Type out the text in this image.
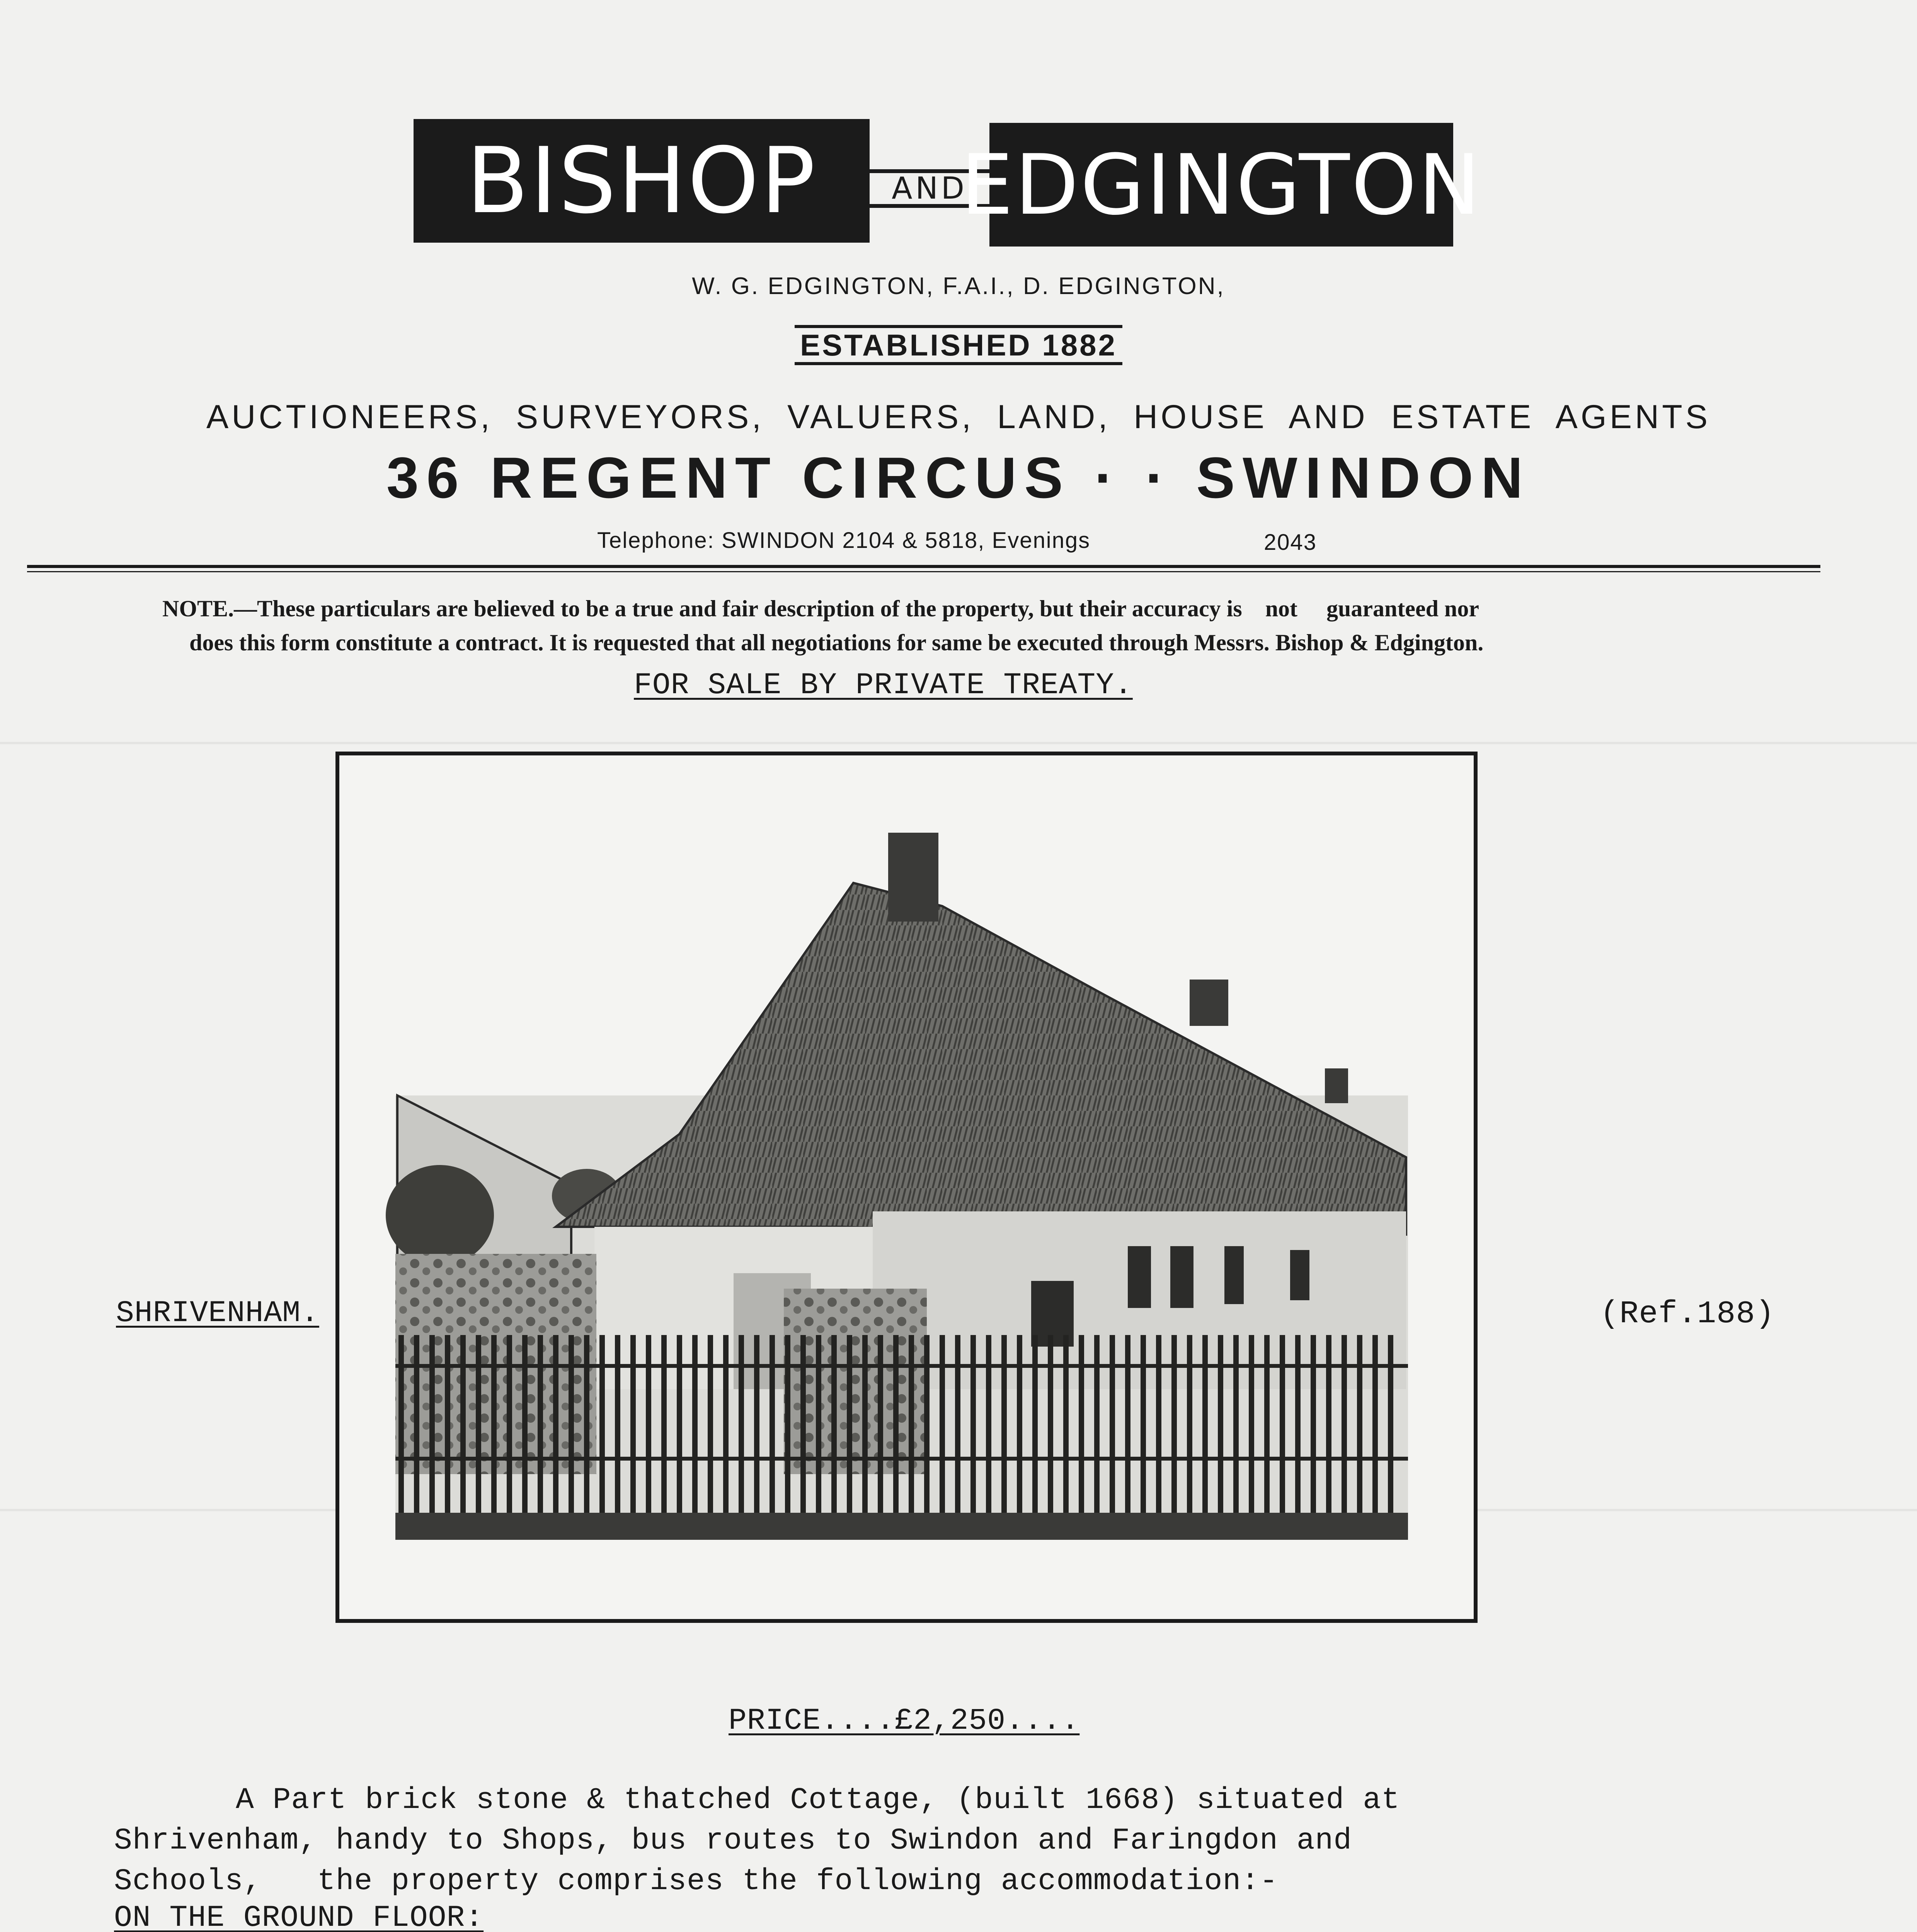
BISHOP AND
EDGINGTON
W. G. EDGINGTON, F.A.I., D. EDGINGTON,
ESTABLISHED 1882
AUCTIONEERS, SURVEYORS, VALUERS, LAND, HOUSE AND ESTATE AGENTS
36 REGENT CIRCUS · · SWINDON
Telephone: SWINDON 2104 & 5818, Evenings	2043
NOTE.—These particulars are believed to be a true and fair description of the property, but their accuracy is    not     guaranteed nor
does this form constitute a contract. It is requested that all negotiations for same be executed through Messrs. Bishop & Edgington.
FOR SALE BY PRIVATE TREATY.
SHRIVENHAM.	(Ref.188)
PRICE....£2,250....
A Part brick stone & thatched Cottage, (built 1668) situated at
Shrivenham, handy to Shops, bus routes to Swindon and Faringdon and
Schools,   the property comprises the following accommodation:-
ON THE GROUND FLOOR:
